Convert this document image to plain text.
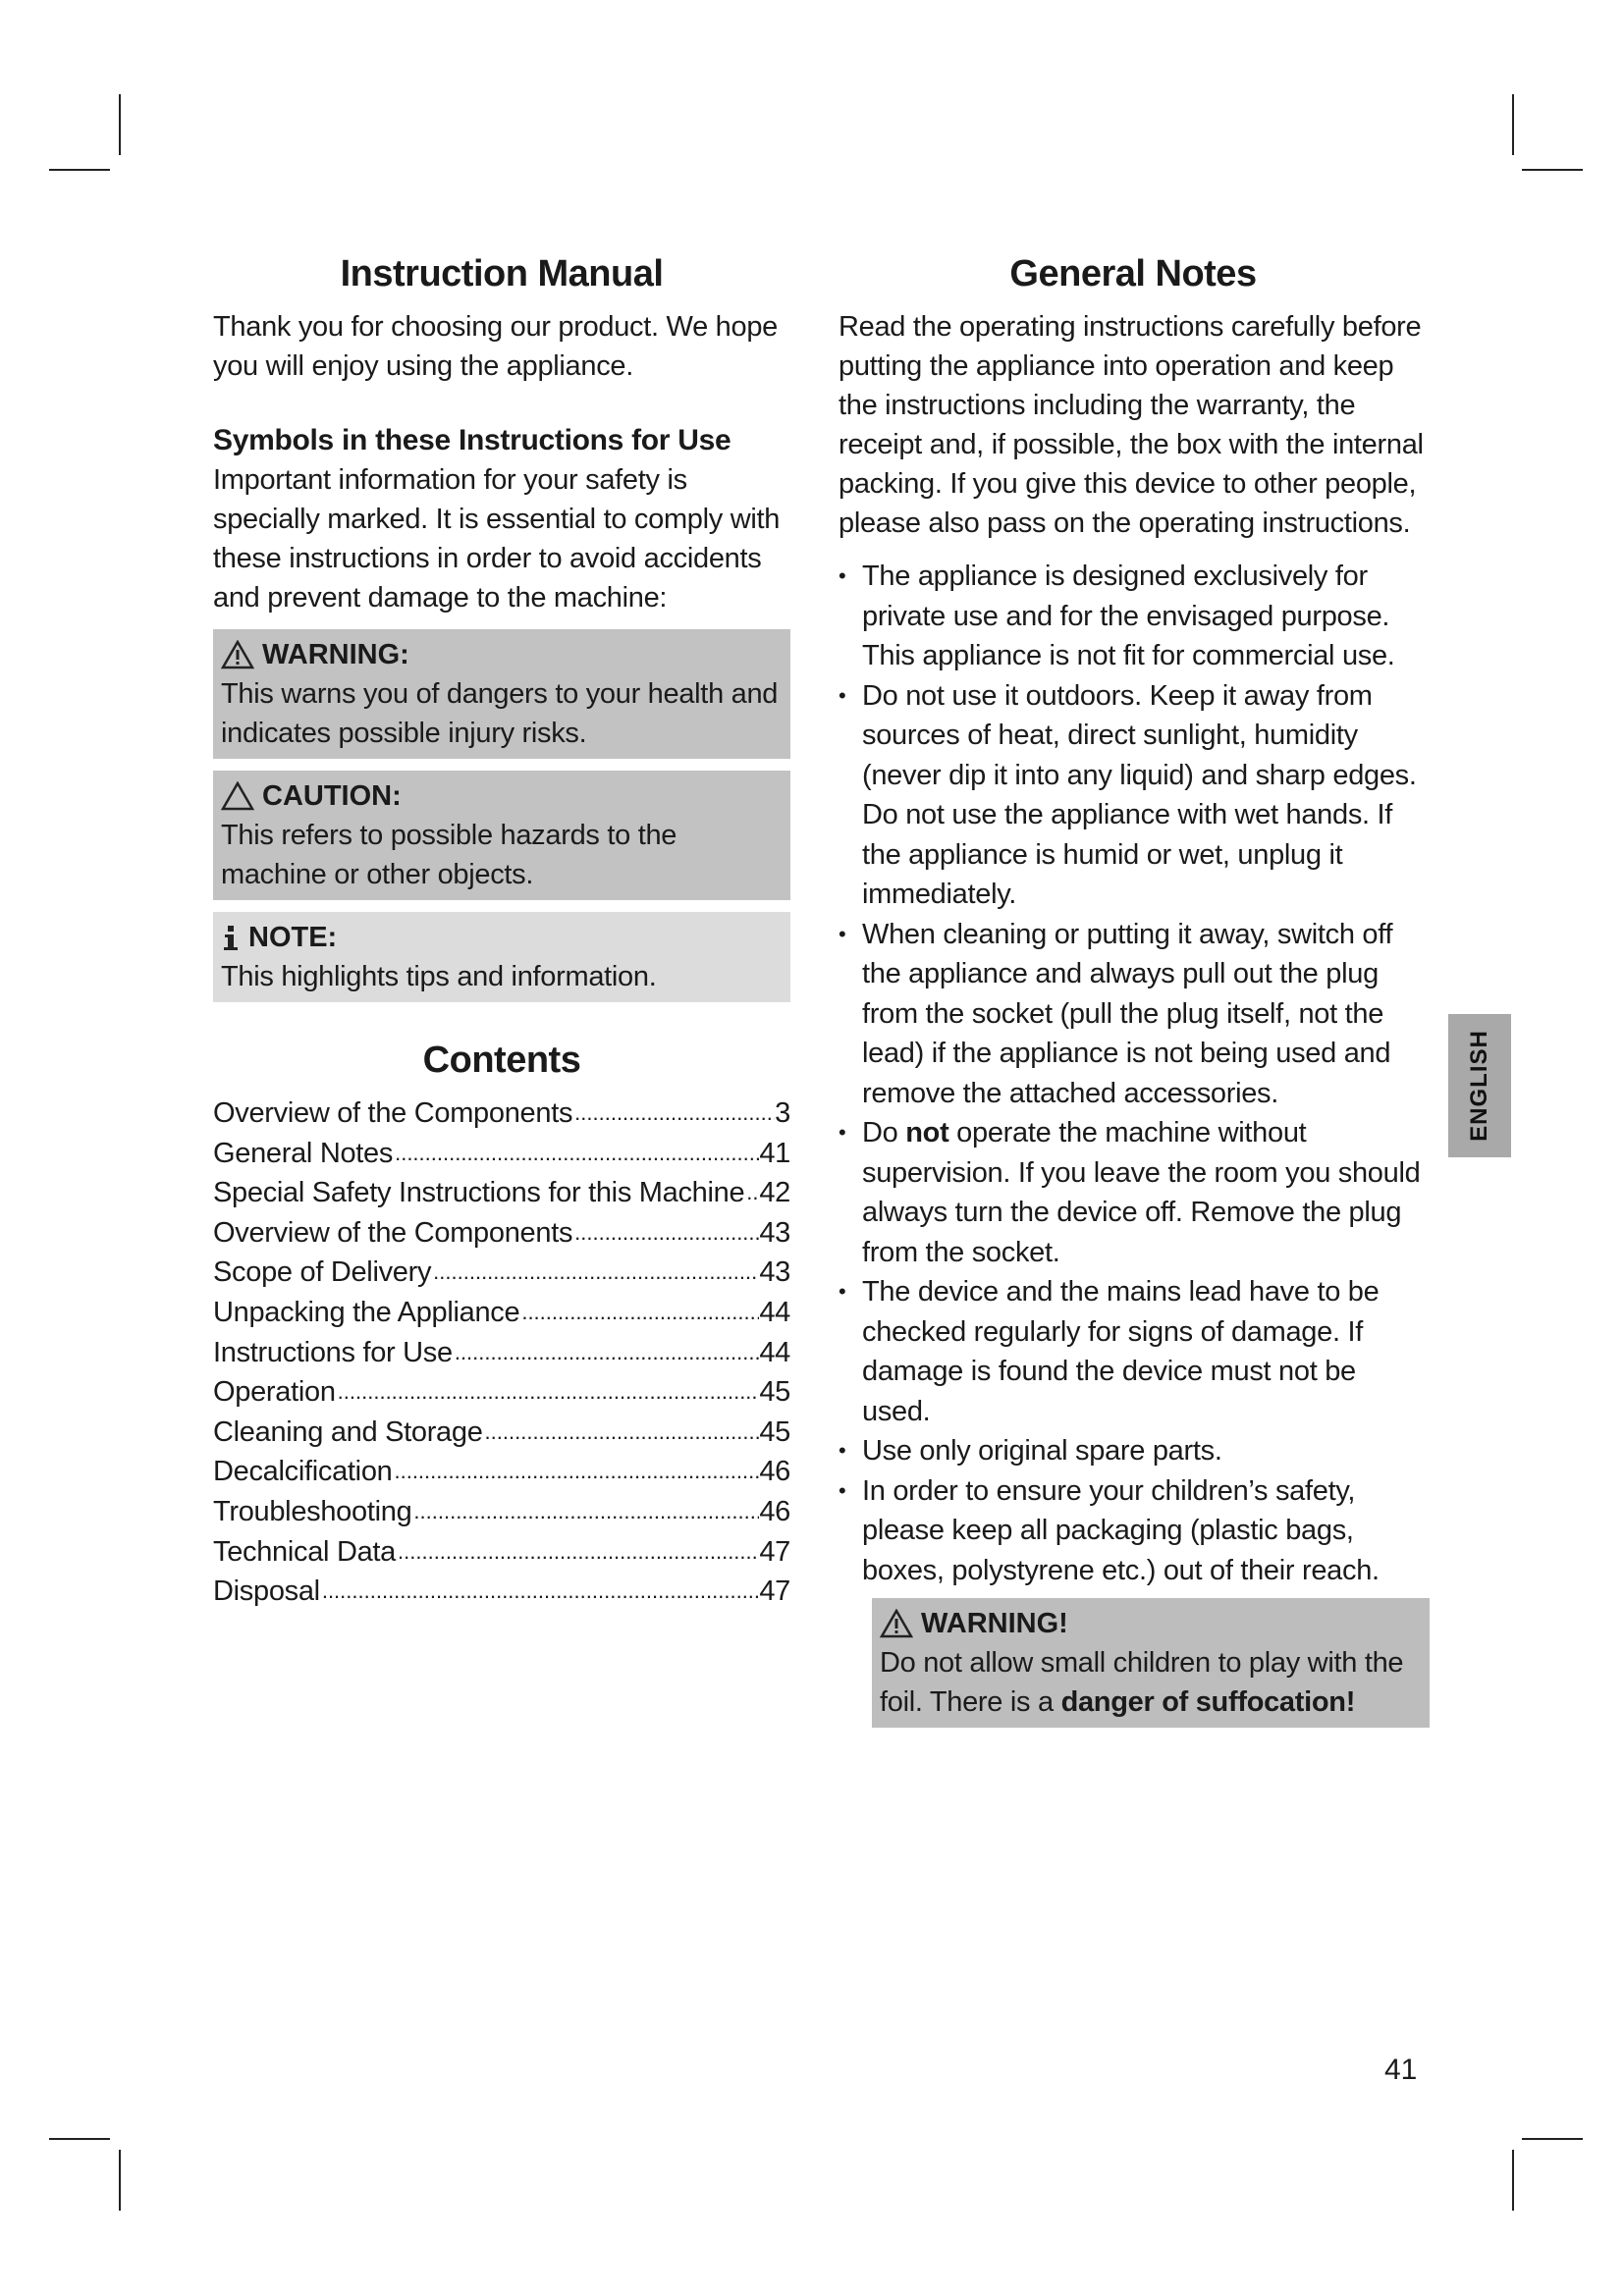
Instruction Manual

Thank you for choosing our product. We hope you will enjoy using the appliance.

Symbols in these Instructions for Use

Important information for your safety is specially marked. It is essential to comply with these instructions in order to avoid accidents and prevent damage to the machine:

WARNING:

This warns you of dangers to your health and indicates possible injury risks.

CAUTION:

This refers to possible hazards to the machine or other objects.

NOTE:

This highlights tips and information.

Contents
Overview of the Components .....	3
General Notes .....	41
Special Safety Instructions for this Machine ..... 42
Overview of the Components .....	43
Scope of Delivery .....	43
Unpacking the Appliance .....	44
Instructions for Use .....	44
Operation .....	45
Cleaning and Storage .....	45
Decalcification .....	46
Troubleshooting .....	46
Technical Data .....	47
Disposal .....	47
General Notes

Read the operating instructions carefully before putting the appliance into operation and keep the instructions including the warranty, the receipt and, if possible, the box with the internal packing. If you give this device to other people, please also pass on the operating instructions.

• The appliance is designed exclusively for private use and for the envisaged purpose. This appliance is not fit for commercial use.
• Do not use it outdoors. Keep it away from sources of heat, direct sunlight, humidity (never dip it into any liquid) and sharp edges. Do not use the appliance with wet hands. If the appliance is humid or wet, unplug it immediately.
• When cleaning or putting it away, switch off the appliance and always pull out the plug from the socket (pull the plug itself, not the lead) if the appliance is not being used and remove the attached accessories.
• Do not operate the machine without supervision. If you leave the room you should always turn the device off. Remove the plug from the socket.
• The device and the mains lead have to be checked regularly for signs of damage. If damage is found the device must not be used.
• Use only original spare parts.
• In order to ensure your children’s safety, please keep all packaging (plastic bags, boxes, polystyrene etc.) out of their reach.
WARNING!

Do not allow small children to play with the foil. There is a danger of suffocation!

ENGLISH
41
